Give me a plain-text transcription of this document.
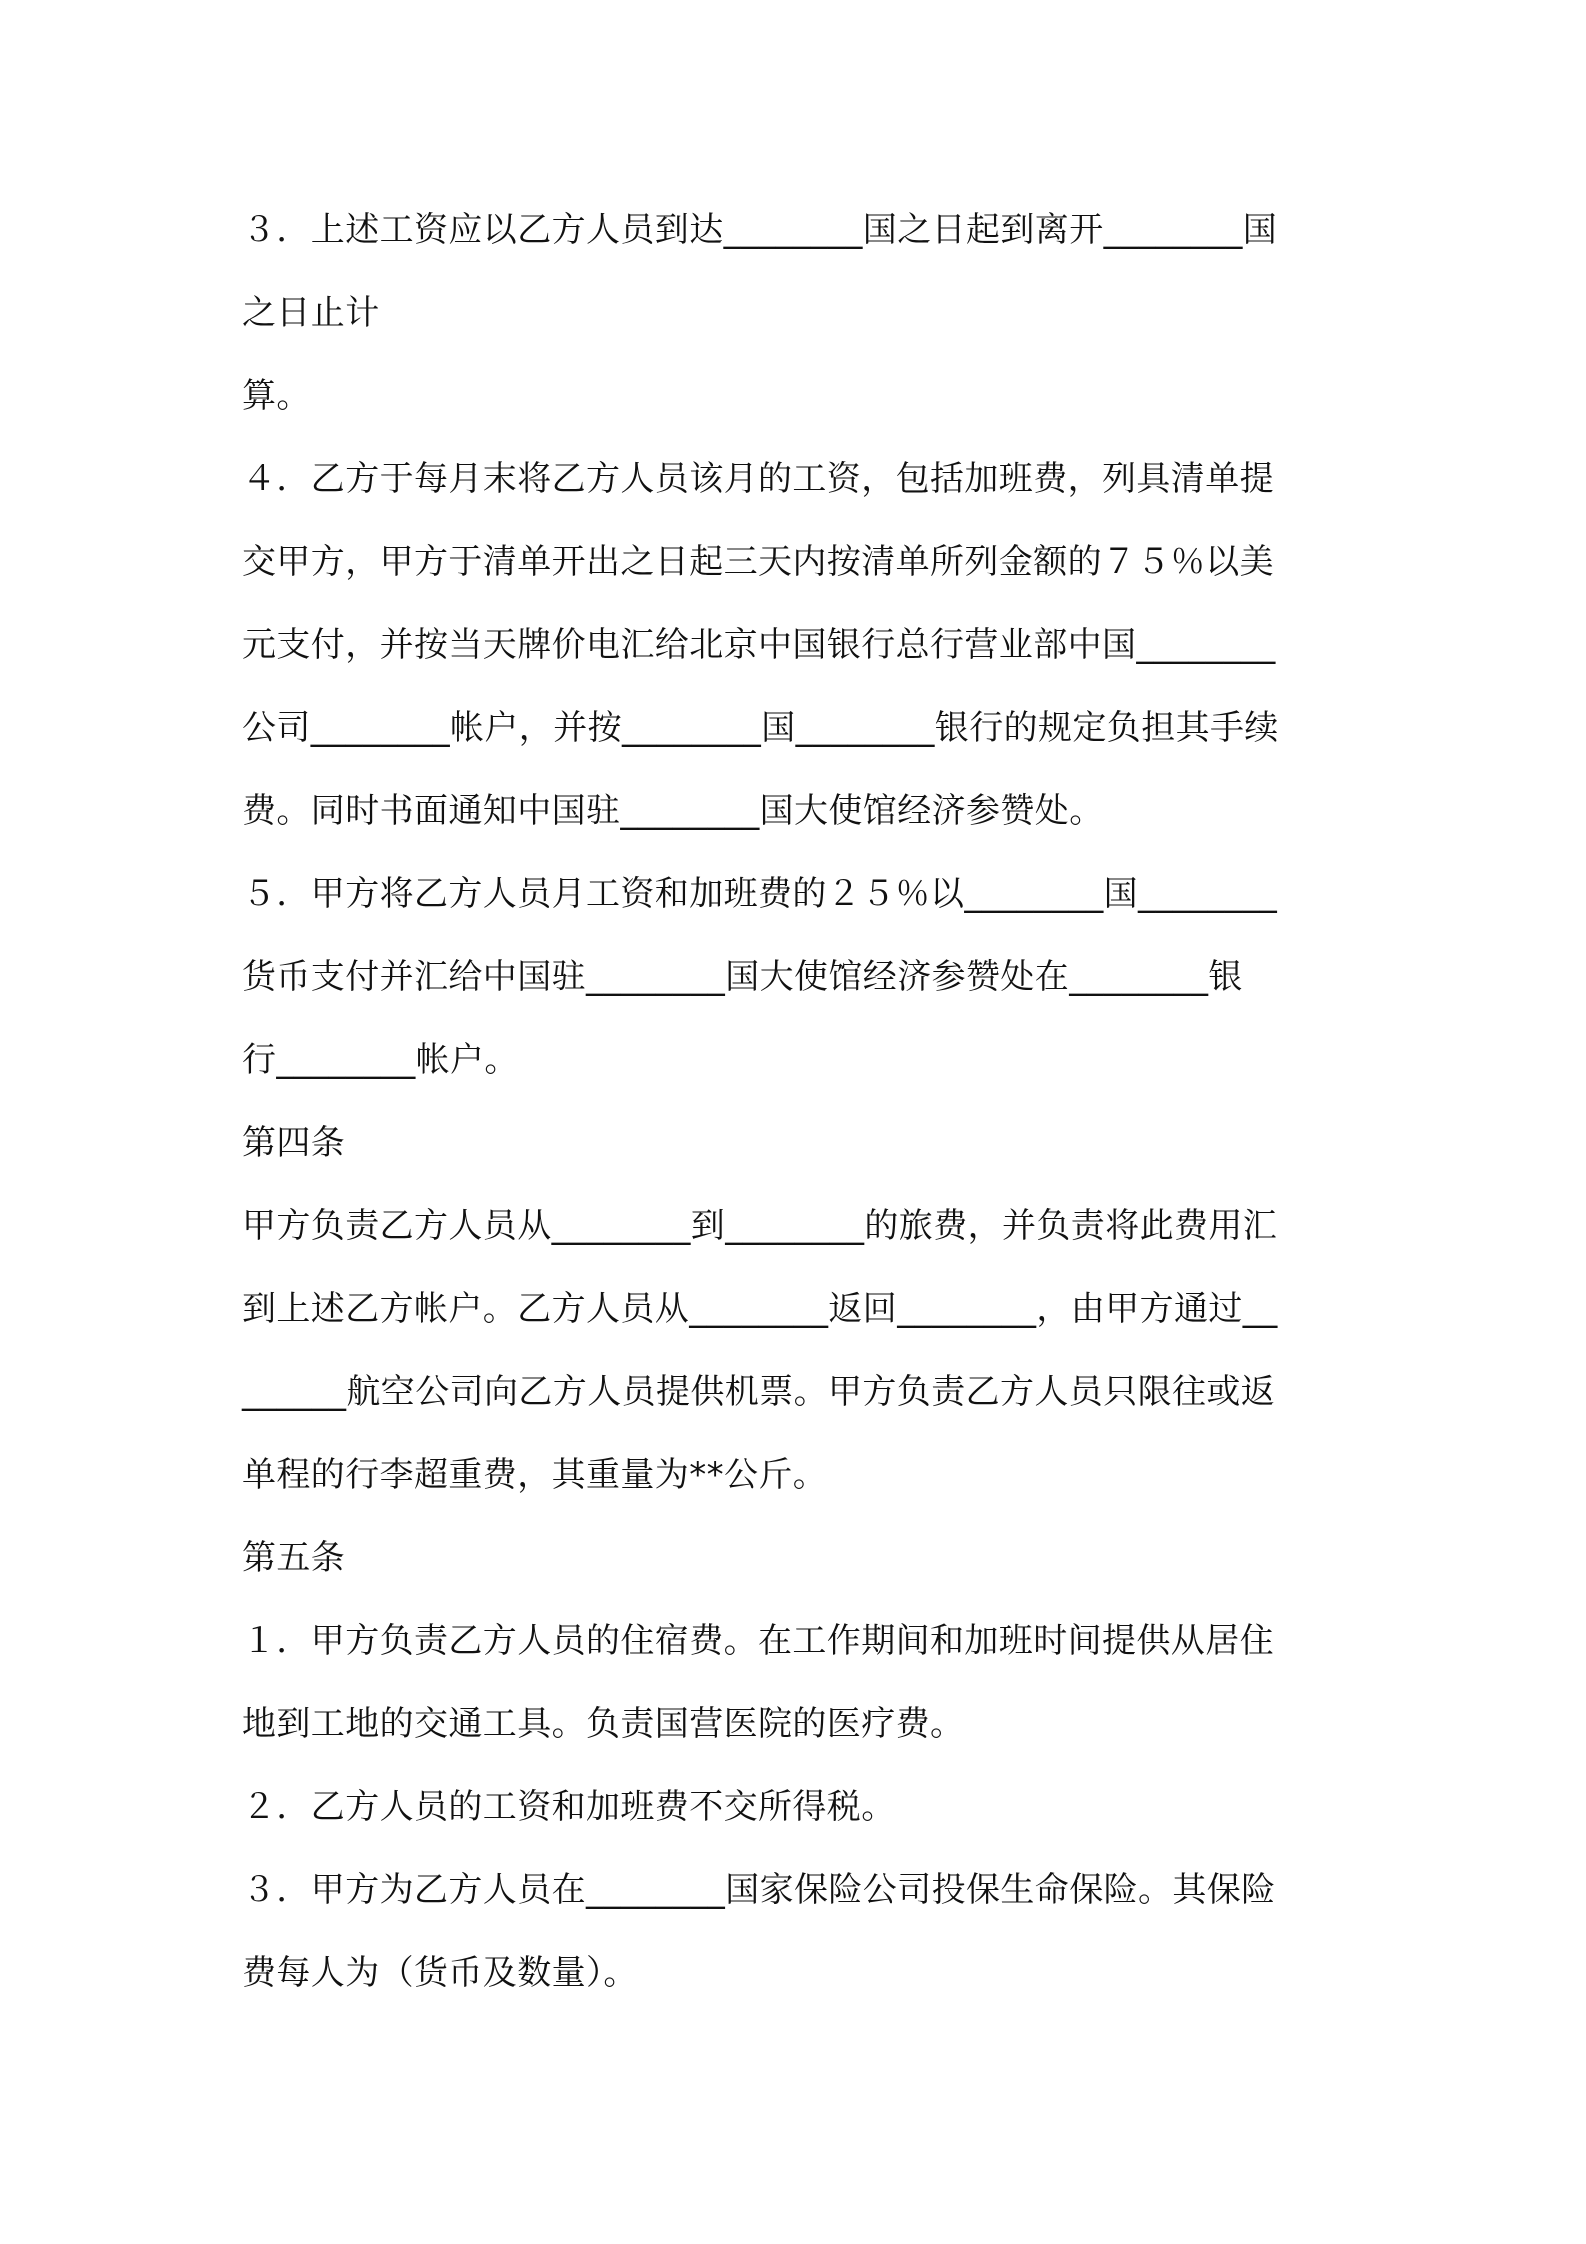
３．上述工资应以乙方人员到达________国之日起到离开________国
之日止计
算。
４．乙方于每月末将乙方人员该月的工资，包括加班费，列具清单提
交甲方，甲方于清单开出之日起三天内按清单所列金额的７５％以美
元支付，并按当天牌价电汇给北京中国银行总行营业部中国________
公司________帐户，并按________国________银行的规定负担其手续
费。同时书面通知中国驻________国大使馆经济参赞处。
５．甲方将乙方人员月工资和加班费的２５％以________国________
货币支付并汇给中国驻________国大使馆经济参赞处在________银
行________帐户。
第四条
甲方负责乙方人员从________到________的旅费，并负责将此费用汇
到上述乙方帐户。乙方人员从________返回________，由甲方通过__
______航空公司向乙方人员提供机票。甲方负责乙方人员只限往或返
单程的行李超重费，其重量为**公斤。
第五条
１．甲方负责乙方人员的住宿费。在工作期间和加班时间提供从居住
地到工地的交通工具。负责国营医院的医疗费。
２．乙方人员的工资和加班费不交所得税。
３．甲方为乙方人员在________国家保险公司投保生命保险。其保险
费每人为（货币及数量）。
